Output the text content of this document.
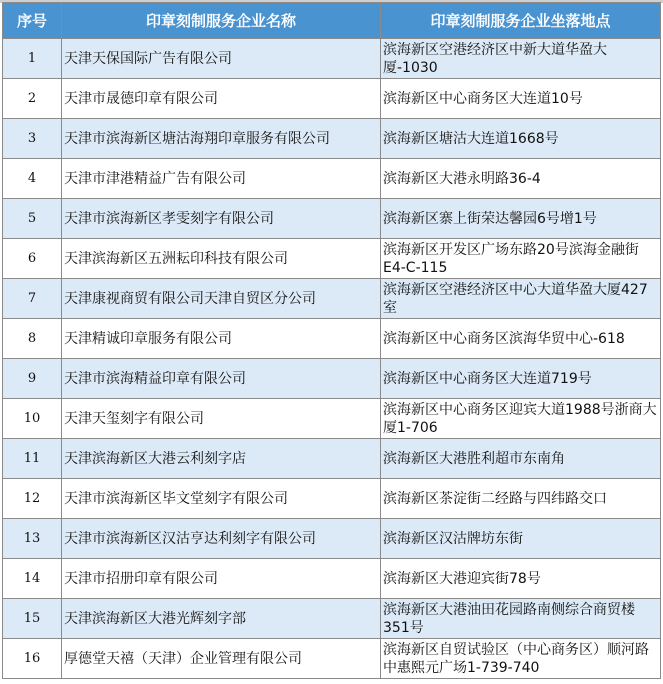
序号	印章刻制服务企业名称	印章刻制服务企业坐落地点
1	天津天保国际广告有限公司	滨海新区空港经济区中新大道华盈大厦-1030
2	天津市晟德印章有限公司	滨海新区中心商务区大连道10号
3	天津市滨海新区塘沽海翔印章服务有限公司	滨海新区塘沽大连道1668号
4	天津市津港精益广告有限公司	滨海新区大港永明路36-4
5	天津市滨海新区孝雯刻字有限公司	滨海新区寨上街荣达馨园6号增1号
6	天津滨海新区五洲耘印科技有限公司	滨海新区开发区广场东路20号滨海金融街E4-C-115
7	天津康视商贸有限公司天津自贸区分公司	滨海新区空港经济区中心大道华盈大厦427室
8	天津精诚印章服务有限公司	滨海新区中心商务区滨海华贸中心-618
9	天津市滨海精益印章有限公司	滨海新区中心商务区大连道719号
10	天津天玺刻字有限公司	滨海新区中心商务区迎宾大道1988号浙商大厦1-706
11	天津滨海新区大港云利刻字店	滨海新区大港胜利超市东南角
12	天津市滨海新区毕文堂刻字有限公司	滨海新区茶淀街二经路与四纬路交口
13	天津市滨海新区汉沽亨达利刻字有限公司	滨海新区汉沽牌坊东街
14	天津市招册印章有限公司	滨海新区大港迎宾街78号
15	天津滨海新区大港光辉刻字部	滨海新区大港油田花园路南侧综合商贸楼351号
16	厚德堂天禧（天津）企业管理有限公司	滨海新区自贸试验区（中心商务区）顺河路中惠熙元广场1-739-740
